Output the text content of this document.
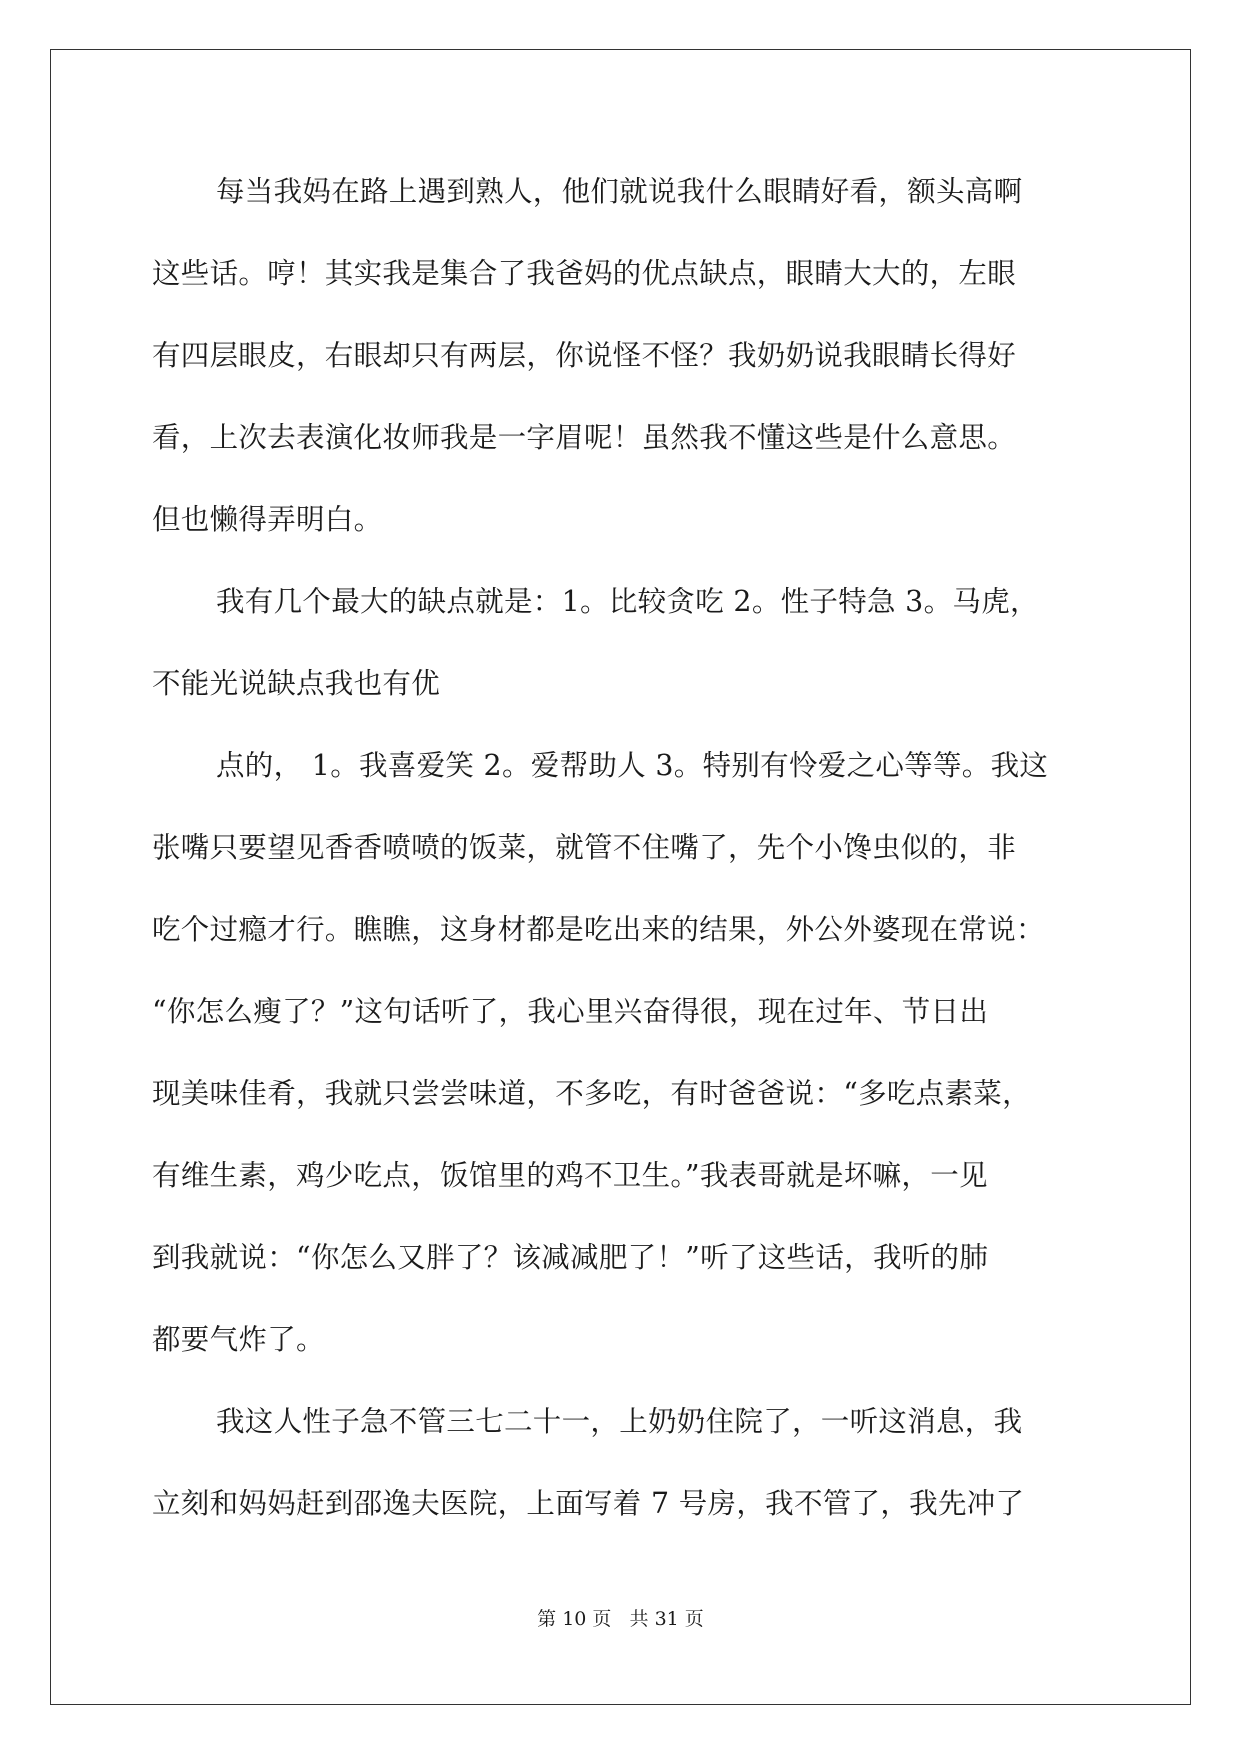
每当我妈在路上遇到熟人，他们就说我什么眼睛好看，额头高啊

这些话。哼！其实我是集合了我爸妈的优点缺点，眼睛大大的，左眼

有四层眼皮，右眼却只有两层，你说怪不怪？我奶奶说我眼睛长得好

看，上次去表演化妆师我是一字眉呢！虽然我不懂这些是什么意思。

但也懒得弄明白。

我有几个最大的缺点就是：1。比较贪吃 2。性子特急 3。马虎，

不能光说缺点我也有优

点的， 1。我喜爱笑 2。爱帮助人 3。特别有怜爱之心等等。我这

张嘴只要望见香香喷喷的饭菜，就管不住嘴了，先个小馋虫似的，非

吃个过瘾才行。瞧瞧，这身材都是吃出来的结果，外公外婆现在常说：

“你怎么瘦了？”这句话听了，我心里兴奋得很，现在过年、节日出

现美味佳肴，我就只尝尝味道，不多吃，有时爸爸说：“多吃点素菜，

有维生素，鸡少吃点，饭馆里的鸡不卫生。”我表哥就是坏嘛，一见

到我就说：“你怎么又胖了？该减减肥了！”听了这些话，我听的肺

都要气炸了。

我这人性子急不管三七二十一，上奶奶住院了，一听这消息，我

立刻和妈妈赶到邵逸夫医院，上面写着 7 号房，我不管了，我先冲了

第 10 页   共 31 页
